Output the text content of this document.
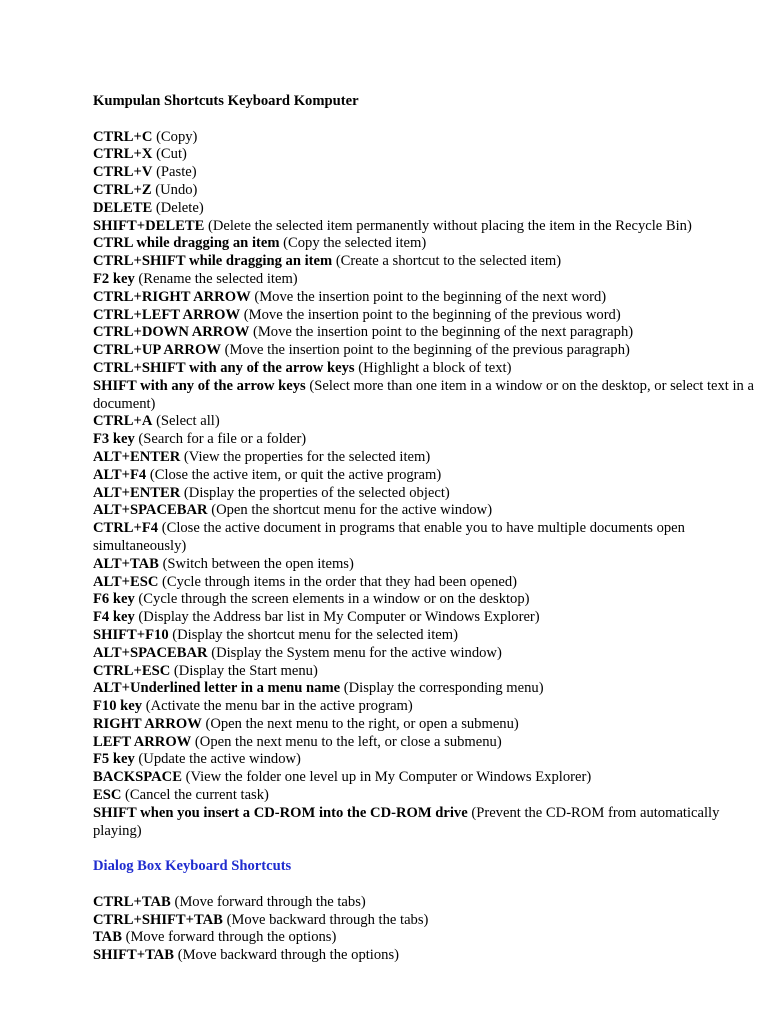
Kumpulan Shortcuts Keyboard Komputer
CTRL+C (Copy)
CTRL+X (Cut)
CTRL+V (Paste)
CTRL+Z (Undo)
DELETE (Delete)
SHIFT+DELETE (Delete the selected item permanently without placing the item in the Recycle Bin)
CTRL while dragging an item (Copy the selected item)
CTRL+SHIFT while dragging an item (Create a shortcut to the selected item)
F2 key (Rename the selected item)
CTRL+RIGHT ARROW (Move the insertion point to the beginning of the next word)
CTRL+LEFT ARROW (Move the insertion point to the beginning of the previous word)
CTRL+DOWN ARROW (Move the insertion point to the beginning of the next paragraph)
CTRL+UP ARROW (Move the insertion point to the beginning of the previous paragraph)
CTRL+SHIFT with any of the arrow keys (Highlight a block of text)
SHIFT with any of the arrow keys (Select more than one item in a window or on the desktop, or select text in a document)
CTRL+A (Select all)
F3 key (Search for a file or a folder)
ALT+ENTER (View the properties for the selected item)
ALT+F4 (Close the active item, or quit the active program)
ALT+ENTER (Display the properties of the selected object)
ALT+SPACEBAR (Open the shortcut menu for the active window)
CTRL+F4 (Close the active document in programs that enable you to have multiple documents open simultaneously)
ALT+TAB (Switch between the open items)
ALT+ESC (Cycle through items in the order that they had been opened)
F6 key (Cycle through the screen elements in a window or on the desktop)
F4 key (Display the Address bar list in My Computer or Windows Explorer)
SHIFT+F10 (Display the shortcut menu for the selected item)
ALT+SPACEBAR (Display the System menu for the active window)
CTRL+ESC (Display the Start menu)
ALT+Underlined letter in a menu name (Display the corresponding menu)
F10 key (Activate the menu bar in the active program)
RIGHT ARROW (Open the next menu to the right, or open a submenu)
LEFT ARROW (Open the next menu to the left, or close a submenu)
F5 key (Update the active window)
BACKSPACE (View the folder one level up in My Computer or Windows Explorer)
ESC (Cancel the current task)
SHIFT when you insert a CD-ROM into the CD-ROM drive (Prevent the CD-ROM from automatically playing)
Dialog Box Keyboard Shortcuts
CTRL+TAB (Move forward through the tabs)
CTRL+SHIFT+TAB (Move backward through the tabs)
TAB (Move forward through the options)
SHIFT+TAB (Move backward through the options)
